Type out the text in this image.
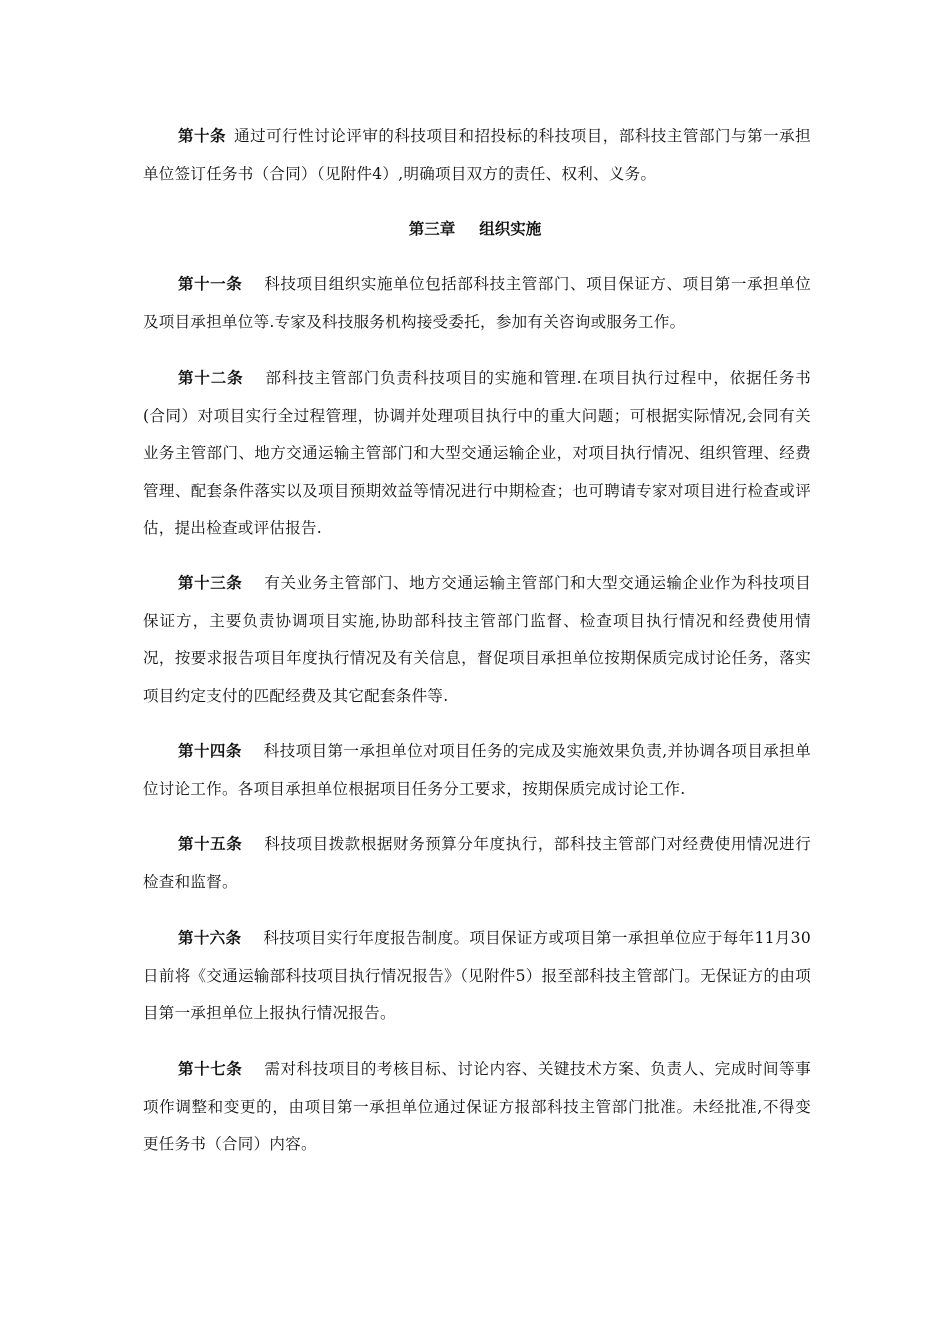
第十条 通过可行性讨论评审的科技项目和招投标的科技项目，部科技主管部门与第一承担单位签订任务书（合同）（见附件4）,明确项目双方的责任、权利、义务。

第三章 组织实施

第十一条 科技项目组织实施单位包括部科技主管部门、项目保证方、项目第一承担单位及项目承担单位等.专家及科技服务机构接受委托，参加有关咨询或服务工作。

第十二条 部科技主管部门负责科技项目的实施和管理.在项目执行过程中，依据任务书(合同）对项目实行全过程管理，协调并处理项目执行中的重大问题；可根据实际情况,会同有关业务主管部门、地方交通运输主管部门和大型交通运输企业，对项目执行情况、组织管理、经费管理、配套条件落实以及项目预期效益等情况进行中期检查；也可聘请专家对项目进行检查或评估，提出检查或评估报告.

第十三条 有关业务主管部门、地方交通运输主管部门和大型交通运输企业作为科技项目保证方，主要负责协调项目实施,协助部科技主管部门监督、检查项目执行情况和经费使用情况，按要求报告项目年度执行情况及有关信息，督促项目承担单位按期保质完成讨论任务，落实项目约定支付的匹配经费及其它配套条件等.

第十四条 科技项目第一承担单位对项目任务的完成及实施效果负责,并协调各项目承担单位讨论工作。各项目承担单位根据项目任务分工要求，按期保质完成讨论工作.

第十五条 科技项目拨款根据财务预算分年度执行，部科技主管部门对经费使用情况进行检查和监督。

第十六条 科技项目实行年度报告制度。项目保证方或项目第一承担单位应于每年11月30日前将《交通运输部科技项目执行情况报告》（见附件5）报至部科技主管部门。无保证方的由项目第一承担单位上报执行情况报告。

第十七条 需对科技项目的考核目标、讨论内容、关键技术方案、负责人、完成时间等事项作调整和变更的，由项目第一承担单位通过保证方报部科技主管部门批准。未经批准,不得变更任务书（合同）内容。
